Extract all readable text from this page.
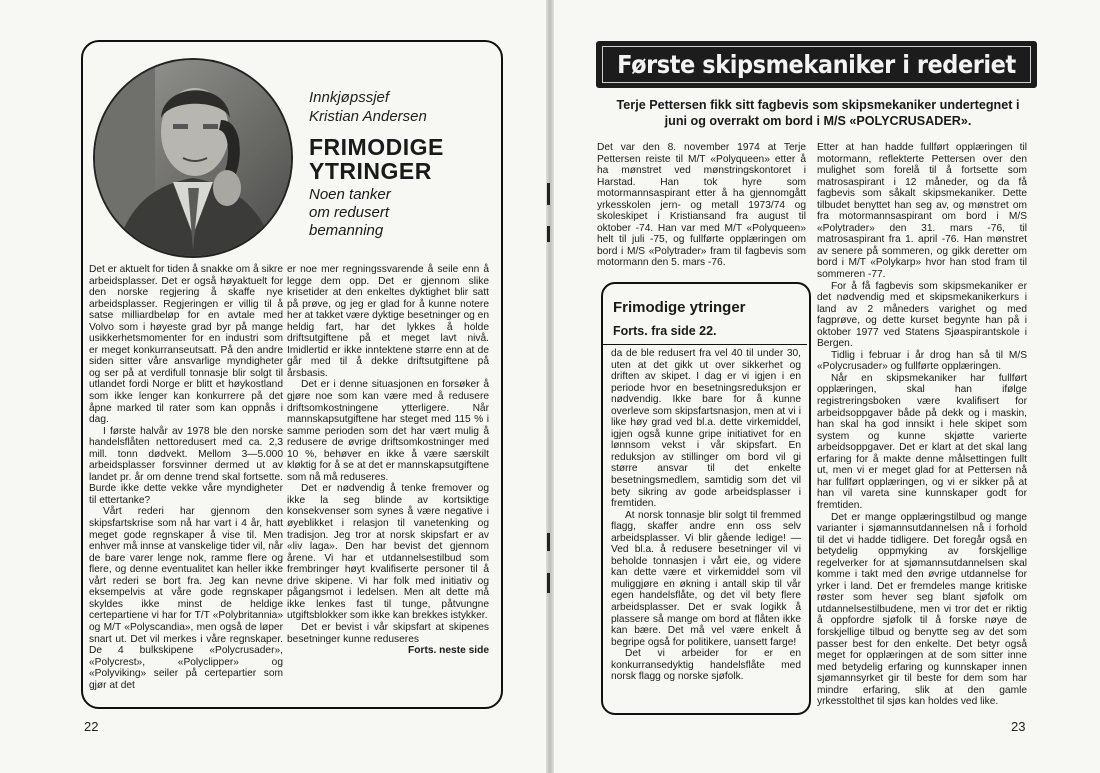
Innkjøpssjef
Kristian Andersen
FRIMODIGE
YTRINGER
Noen tanker
om redusert
bemanning
Det er aktuelt for tiden å snakke om å sikre arbeidsplasser. Det er også høyaktuelt for den norske regjering å skaffe nye arbeidsplasser. Regjeringen er villig til å satse milliardbeløp for en avtale med Volvo som i høyeste grad byr på mange usikkerhetsmomenter for en industri som er meget konkurranseutsatt. På den andre siden sitter våre ansvarlige myndigheter og ser på at verdifull tonnasje blir solgt til utlandet fordi Norge er blitt et høykostland som ikke lenger kan konkurrere på det åpne marked til rater som kan oppnås i dag.
I første halvår av 1978 ble den norske handelsflåten nettoredusert med ca. 2,3 mill. tonn dødvekt. Mellom 3—5.000 arbeidsplasser forsvinner dermed ut av landet pr. år om denne trend skal fortsette. Burde ikke dette vekke våre myndigheter til ettertanke?
Vårt rederi har gjennom den skipsfartskrise som nå har vart i 4 år, hatt meget gode regnskaper å vise til. Men enhver må innse at vanskelige tider vil, når de bare varer lenge nok, ramme flere og flere, og denne eventualitet kan heller ikke vårt rederi se bort fra. Jeg kan nevne eksempelvis at våre gode regnskaper skyldes ikke minst de heldige certepartiene vi har for T/T «Polybritannia» og M/T «Polyscandia», men også de løper snart ut. Det vil merkes i våre regnskaper. De 4 bulkskipene «Polycrusader», «Polycrest», «Polyclipper» og «Polyviking» seiler på certepartier som gjør at det
er noe mer regningssvarende å seile enn å legge dem opp. Det er gjennom slike krisetider at den enkeltes dyktighet blir satt på prøve, og jeg er glad for å kunne notere her at takket være dyktige besetninger og en heldig fart, har det lykkes å holde driftsutgiftene på et meget lavt nivå. Imidlertid er ikke inntektene større enn at de går med til å dekke driftsutgiftene på årsbasis.
Det er i denne situasjonen en forsøker å gjøre noe som kan være med å redusere driftsomkostningene ytterligere. Når mannskapsutgiftene har steget med 115 % i samme perioden som det har vært mulig å redusere de øvrige driftsomkostninger med 10 %, behøver en ikke å være særskilt kløktig for å se at det er mannskapsutgiftene som nå må reduseres.
Det er nødvendig å tenke fremover og ikke la seg blinde av kortsiktige konsekvenser som synes å være negative i øyeblikket i relasjon til vanetenking og tradisjon. Jeg tror at norsk skipsfart er av «liv laga». Den har bevist det gjennom årene. Vi har et utdannelsestilbud som frembringer høyt kvalifiserte personer til å drive skipene. Vi har folk med initiativ og pågangsmot i ledelsen. Men alt dette må ikke lenkes fast til tunge, påtvungne utgiftsblokker som ikke kan brekkes istykker.
Det er bevist i vår skipsfart at skipenes besetninger kunne reduseres
Forts. neste side
22
Første skipsmekaniker i rederiet
Terje Pettersen fikk sitt fagbevis som skipsmekaniker undertegnet i juni og overrakt om bord i M/S «POLYCRUSADER».
Det var den 8. november 1974 at Terje Pettersen reiste til M/T «Polyqueen» etter å ha mønstret ved mønstringskontoret i Harstad. Han tok hyre som motormannsaspirant etter å ha gjennomgått yrkesskolen jern- og metall 1973/74 og skoleskipet i Kristiansand fra august til oktober -74. Han var med M/T «Polyqueen» helt til juli -75, og fullførte opplæringen om bord i M/S «Polytrader» fram til fagbevis som motormann den 5. mars -76.
Frimodige ytringer
Forts. fra side 22.
da de ble redusert fra vel 40 til under 30, uten at det gikk ut over sikkerhet og driften av skipet. I dag er vi igjen i en periode hvor en besetningsreduksjon er nødvendig. Ikke bare for å kunne overleve som skipsfartsnasjon, men at vi i like høy grad ved bl.a. dette virkemiddel, igjen også kunne gripe initiativet for en lønnsom vekst i vår skipsfart. En reduksjon av stillinger om bord vil gi større ansvar til det enkelte besetningsmedlem, samtidig som det vil bety sikring av gode arbeidsplasser i fremtiden.
At norsk tonnasje blir solgt til fremmed flagg, skaffer andre enn oss selv arbeidsplasser. Vi blir gående ledige! — Ved bl.a. å redusere besetninger vil vi beholde tonnasjen i vårt eie, og videre kan dette være et virkemiddel som vil muliggjøre en økning i antall skip til vår egen handelsflåte, og det vil bety flere arbeidsplasser. Det er svak logikk å plassere så mange om bord at flåten ikke kan bære. Det må vel være enkelt å begripe også for politikere, uansett farge!
Det vi arbeider for er en konkurransedyktig handelsflåte med norsk flagg og norske sjøfolk.
Etter at han hadde fullført opplæringen til motormann, reflekterte Pettersen over den mulighet som forelå til å fortsette som matrosaspirant i 12 måneder, og da få fagbevis som såkalt skipsmekaniker. Dette tilbudet benyttet han seg av, og mønstret om fra motormannsaspirant om bord i M/S «Polytrader» den 31. mars -76, til matrosaspirant fra 1. april -76. Han mønstret av senere på sommeren, og gikk deretter om bord i M/T «Polykarp» hvor han stod fram til sommeren -77.
For å få fagbevis som skipsmekaniker er det nødvendig med et skipsmekanikerkurs i land av 2 måneders varighet og med fagprøve, og dette kurset begynte han på i oktober 1977 ved Statens Sjøaspirantskole i Bergen.
Tidlig i februar i år drog han så til M/S «Polycrusader» og fullførte opplæringen.
Når en skipsmekaniker har fullført opplæringen, skal han ifølge registreringsboken være kvalifisert for arbeidsoppgaver både på dekk og i maskin, han skal ha god innsikt i hele skipet som system og kunne skjøtte varierte arbeidsoppgaver. Det er klart at det skal lang erfaring for å makte denne målsettingen fullt ut, men vi er meget glad for at Pettersen nå har fullført opplæringen, og vi er sikker på at han vil vareta sine kunnskaper godt for fremtiden.
Det er mange opplæringstilbud og mange varianter i sjømannsutdannelsen nå i forhold til det vi hadde tidligere. Det foregår også en betydelig oppmyking av forskjellige regelverker for at sjømannsutdannelsen skal komme i takt med den øvrige utdannelse for yrker i land. Det er fremdeles mange kritiske røster som hever seg blant sjøfolk om utdannelsestilbudene, men vi tror det er riktig å oppfordre sjøfolk til å forske nøye de forskjellige tilbud og benytte seg av det som passer best for den enkelte. Det betyr også meget for opplæringen at de som sitter inne med betydelig erfaring og kunnskaper innen sjømannsyrket gir til beste for dem som har mindre erfaring, slik at den gamle yrkesstolthet til sjøs kan holdes ved like.
23
